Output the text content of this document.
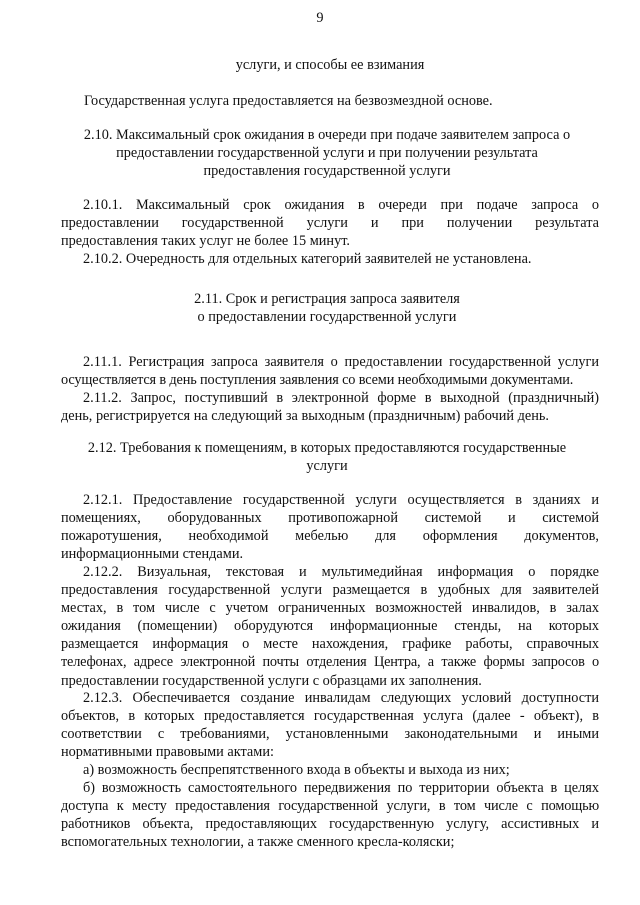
9
услуги, и способы ее взимания
Государственная услуга предоставляется на безвозмездной основе.
2.10. Максимальный срок ожидания в очереди при подаче заявителем запроса о
предоставлении государственной услуги и при получении результата
предоставления государственной услуги
2.10.1. Максимальный срок ожидания в очереди при подаче запроса о
предоставлении государственной услуги и при получении результата
предоставления таких услуг не более 15 минут.
2.10.2. Очередность для отдельных категорий заявителей не установлена.
2.11. Срок и регистрация запроса заявителя
о предоставлении государственной услуги
2.11.1. Регистрация запроса заявителя о предоставлении государственной услуги
осуществляется в день поступления заявления со всеми необходимыми документами.
2.11.2. Запрос, поступивший в электронной форме в выходной (праздничный)
день, регистрируется на следующий за выходным (праздничным) рабочий день.
2.12. Требования к помещениям, в которых предоставляются государственные
услуги
2.12.1. Предоставление государственной услуги осуществляется в зданиях и
помещениях, оборудованных противопожарной системой и системой
пожаротушения, необходимой мебелью для оформления документов,
информационными стендами.
2.12.2. Визуальная, текстовая и мультимедийная информация о порядке
предоставления государственной услуги размещается в удобных для заявителей
местах, в том числе с учетом ограниченных возможностей инвалидов, в залах
ожидания (помещении) оборудуются информационные стенды, на которых
размещается информация о месте нахождения, графике работы, справочных
телефонах, адресе электронной почты отделения Центра, а также формы запросов о
предоставлении государственной услуги с образцами их заполнения.
2.12.3. Обеспечивается создание инвалидам следующих условий доступности
объектов, в которых предоставляется государственная услуга (далее - объект), в
соответствии с требованиями, установленными законодательными и иными
нормативными правовыми актами:
а) возможность беспрепятственного входа в объекты и выхода из них;
б) возможность самостоятельного передвижения по территории объекта в целях
доступа к месту предоставления государственной услуги, в том числе с помощью
работников объекта, предоставляющих государственную услугу, ассистивных и
вспомогательных технологии, а также сменного кресла-коляски;
